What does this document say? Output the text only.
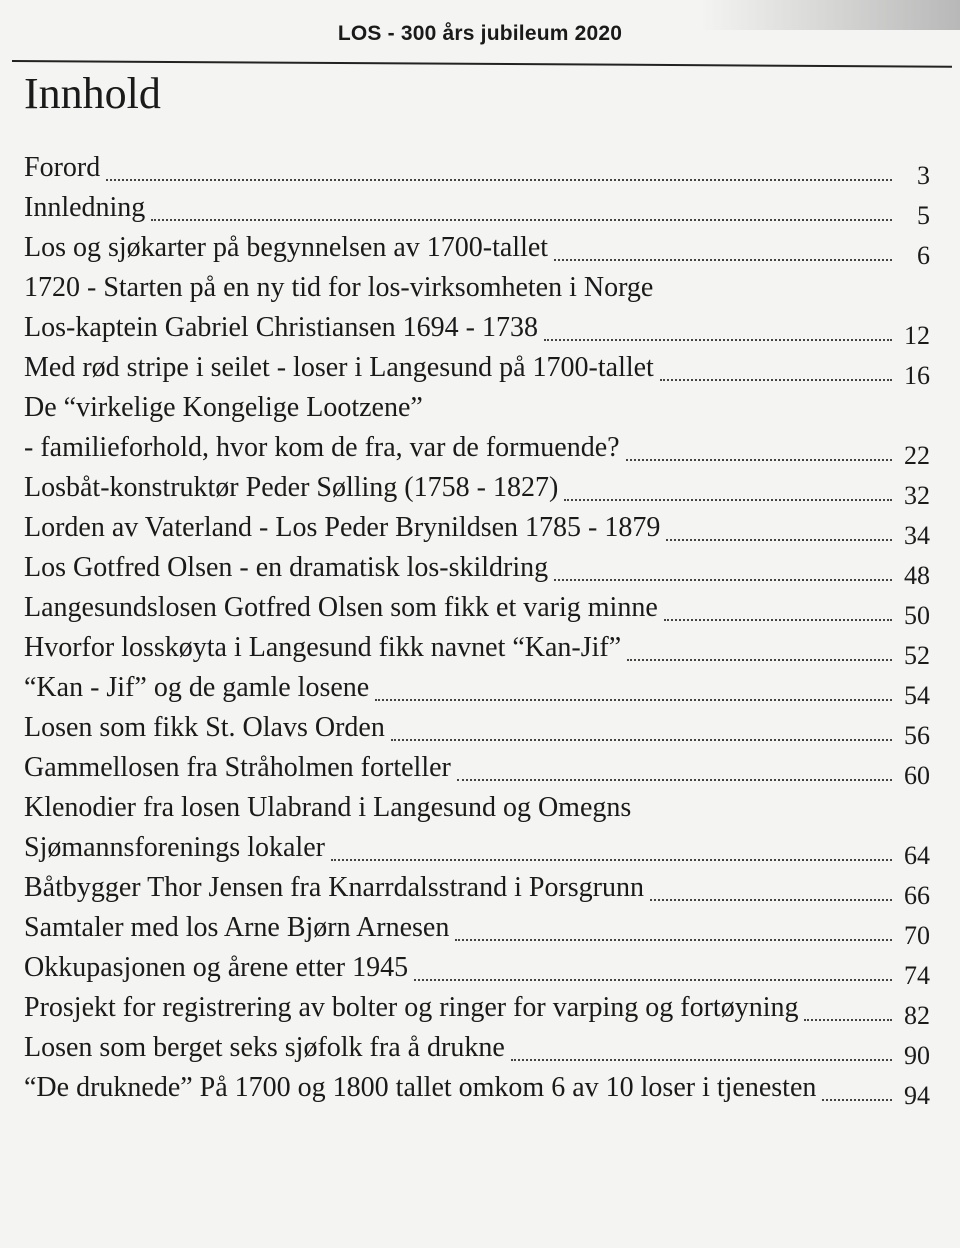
LOS - 300 års jubileum 2020
Innhold
Forord	3
Innledning	5
Los og sjøkarter på begynnelsen av 1700-tallet	6
1720 - Starten på en ny tid for los-virksomheten i Norge
Los-kaptein Gabriel Christiansen 1694 - 1738	12
Med rød stripe i seilet - loser i Langesund på 1700-tallet	16
De “virkelige Kongelige Lootzene”
- familieforhold, hvor kom de fra, var de formuende?	22
Losbåt-konstruktør Peder Sølling (1758 - 1827)	32
Lorden av Vaterland - Los Peder Brynildsen 1785 - 1879	34
Los Gotfred Olsen - en dramatisk los-skildring	48
Langesundslosen Gotfred Olsen som fikk et varig minne	50
Hvorfor losskøyta i Langesund fikk navnet “Kan-Jif”	52
“Kan - Jif” og de gamle losene	54
Losen som fikk St. Olavs Orden	56
Gammellosen fra Stråholmen forteller	60
Klenodier fra losen Ulabrand i Langesund og Omegns
Sjømannsforenings lokaler	64
Båtbygger Thor Jensen fra Knarrdalsstrand i Porsgrunn	66
Samtaler med los Arne Bjørn Arnesen	70
Okkupasjonen og årene etter 1945	74
Prosjekt for registrering av bolter og ringer for varping og fortøyning	82
Losen som berget seks sjøfolk fra å drukne	90
“De druknede” På 1700 og 1800 tallet omkom 6 av 10 loser i tjenesten	94
